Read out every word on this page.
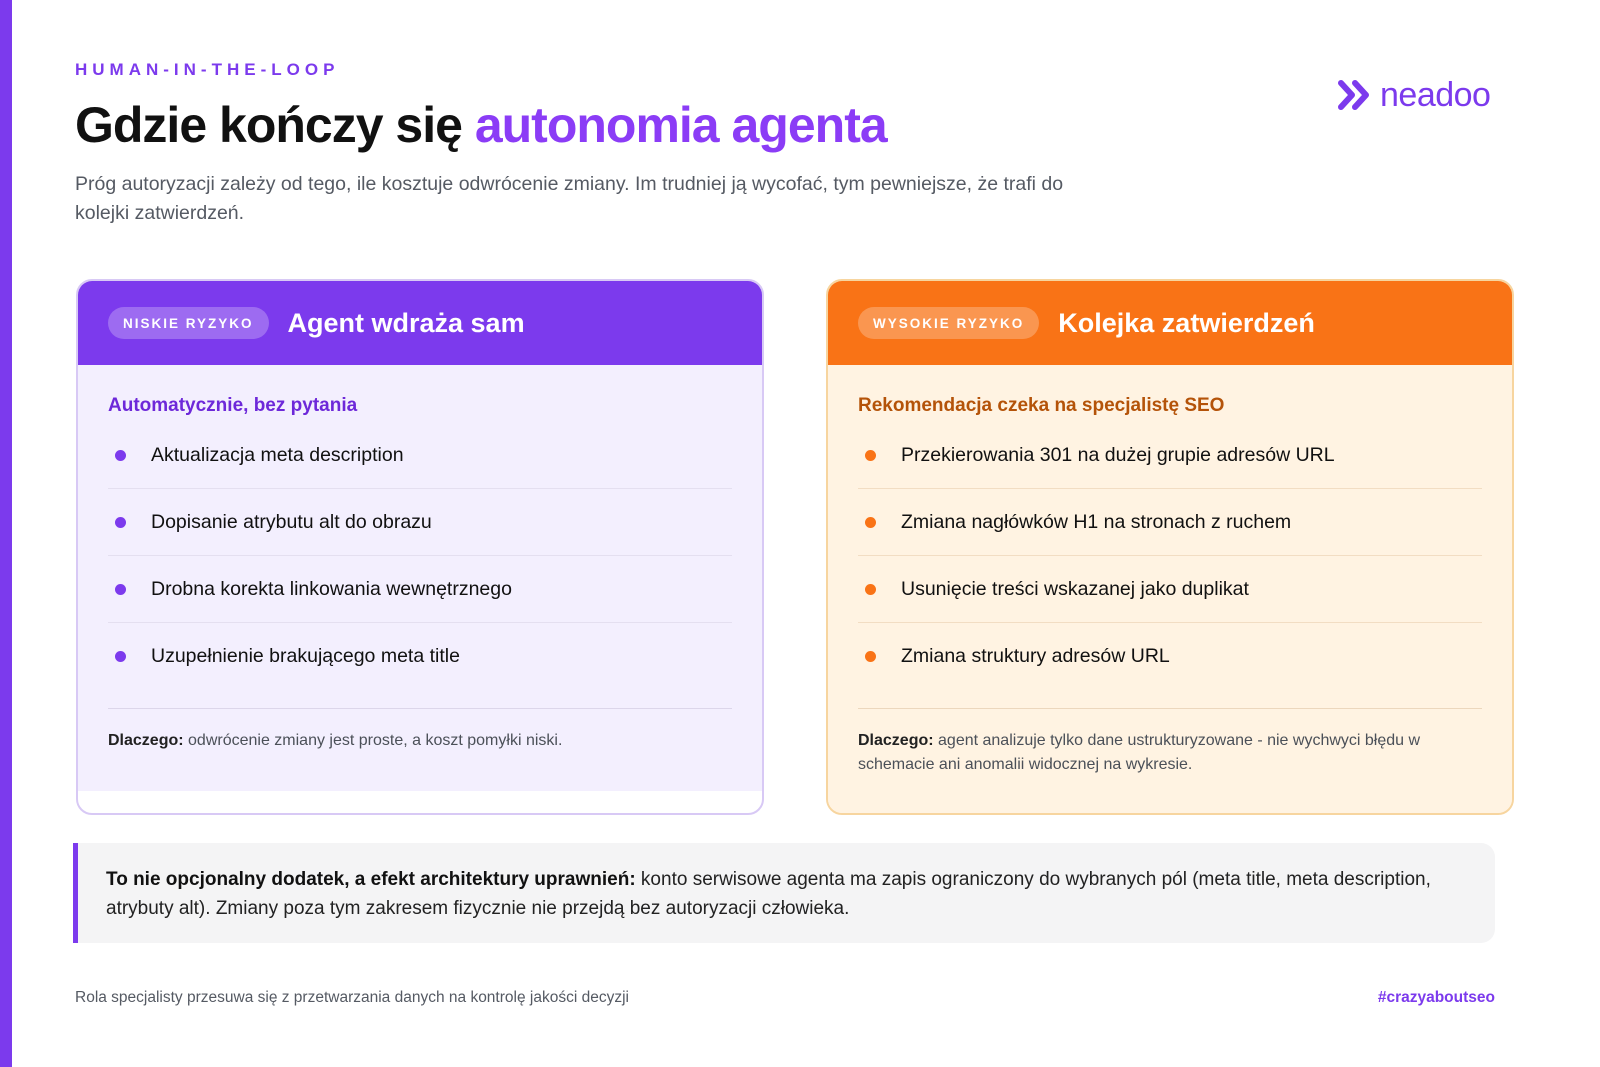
HUMAN-IN-THE-LOOP
Gdzie kończy się autonomia agenta

Próg autoryzacji zależy od tego, ile kosztuje odwrócenie zmiany. Im trudniej ją wycofać, tym pewniejsze, że trafi do kolejki zatwierdzeń.

neadoo
NISKIE RYZYKO	Agent wdraża sam
Automatycznie, bez pytania
Aktualizacja meta description
Dopisanie atrybutu alt do obrazu
Drobna korekta linkowania wewnętrznego
Uzupełnienie brakującego meta title

Dlaczego: odwrócenie zmiany jest proste, a koszt pomyłki niski.

WYSOKIE RYZYKO	Kolejka zatwierdzeń
Rekomendacja czeka na specjalistę SEO
Przekierowania 301 na dużej grupie adresów URL
Zmiana nagłówków H1 na stronach z ruchem
Usunięcie treści wskazanej jako duplikat
Zmiana struktury adresów URL

Dlaczego: agent analizuje tylko dane ustrukturyzowane - nie wychwyci błędu w schemacie ani anomalii widocznej na wykresie.

To nie opcjonalny dodatek, a efekt architektury uprawnień: konto serwisowe agenta ma zapis ograniczony do wybranych pól (meta title, meta description, atrybuty alt). Zmiany poza tym zakresem fizycznie nie przejdą bez autoryzacji człowieka.
Rola specjalisty przesuwa się z przetwarzania danych na kontrolę jakości decyzji	#crazyaboutseo
